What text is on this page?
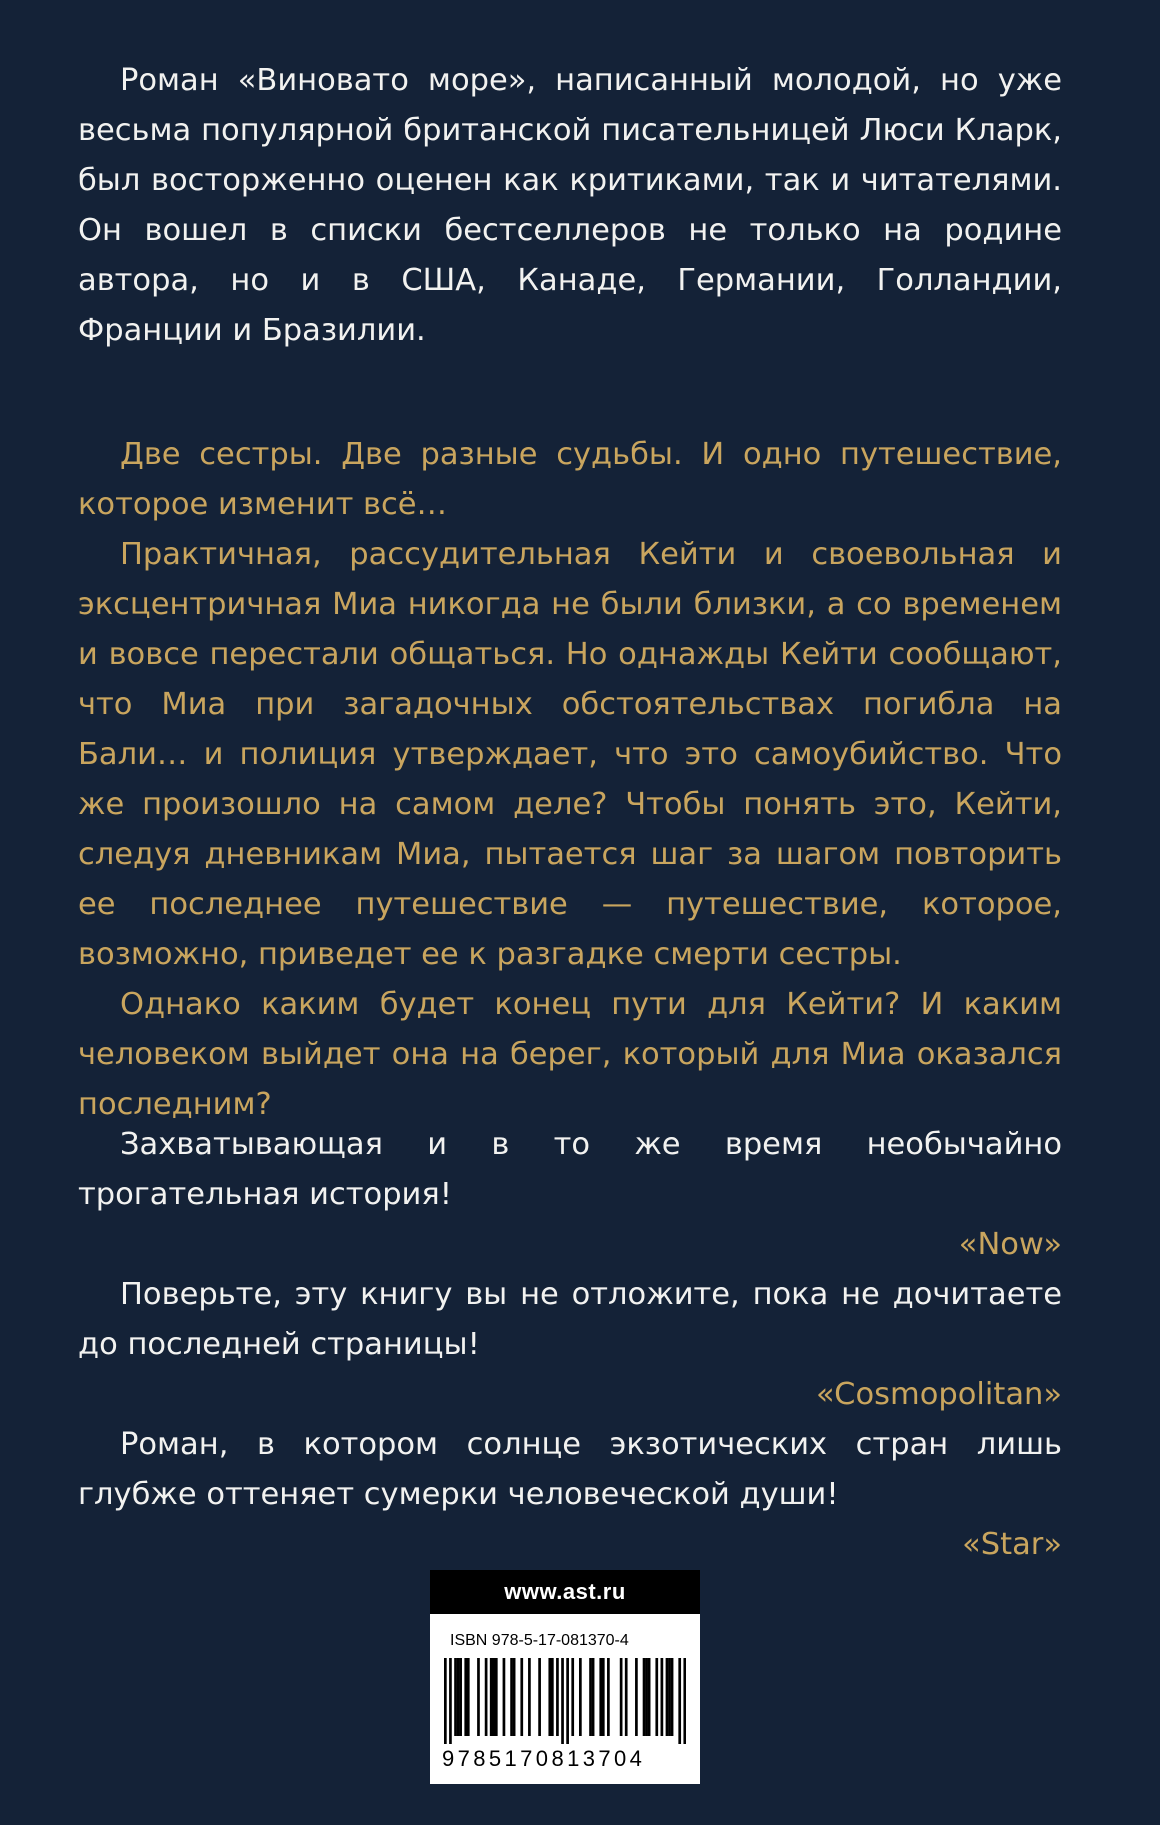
Роман «Виновато море», написанный молодой, но уже весьма популярной британской писательницей Люси Кларк, был восторженно оценен как критиками, так и читателями. Он вошел в списки бестселлеров не только на родине автора, но и в США, Канаде, Германии, Голландии, Франции и Бразилии.

Две сестры. Две разные судьбы. И одно путешествие, которое изменит всё…

Практичная, рассудительная Кейти и своевольная и эксцентричная Миа никогда не были близки, а со временем и вовсе перестали общаться. Но однажды Кейти сообщают, что Миа при загадочных обстоятельствах погибла на Бали… и полиция утверждает, что это самоубийство. Что же произошло на самом деле? Чтобы понять это, Кейти, следуя дневникам Миа, пытается шаг за шагом повторить ее последнее путешествие — путешествие, которое, возможно, приведет ее к разгадке смерти сестры.

Однако каким будет конец пути для Кейти? И каким человеком выйдет она на берег, который для Миа оказался последним?

Захватывающая и в то же время необычайно трогательная история!

«Now»

Поверьте, эту книгу вы не отложите, пока не дочитаете до последней страницы!

«Cosmopolitan»

Роман, в котором солнце экзотических стран лишь глубже оттеняет сумерки человеческой души!

«Star»

www.ast.ru
ISBN 978-5-17-081370-4
9785170813704
